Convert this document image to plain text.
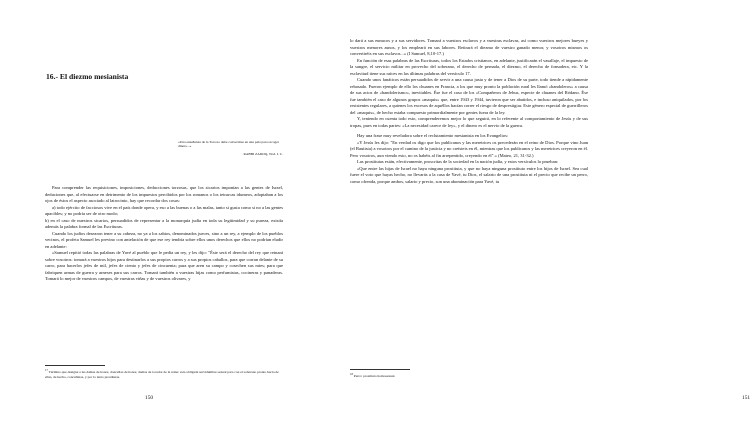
16.- El diezmo mesianista
«Una enseñanza de la Tora no debe convertirse en una pala para recoger dinero...»
RABBI ZADOQ, Nod. I. C.

Para comprender las requisiciones, imposiciones, deducciones torzosas, que los sicarios imponían a las gentes de Israel, deduciones que, al efectuarse en detrimento de los impuestos percibidos por los romanos o los tetrarcas idumeos, adoptaban a los ojos de éstos el aspecto asociado al latrocinio, hay que recordar dos cosas:

a) todo ejército de facciosos vive en el país donde opera, y eso a las buenas o a las malas, tanto si gusta como si no a las gentes apacibles; y no podría ser de otro modo;

b) en el caso de nuestros sicarios, persuadidos de representar a la monarquía judía en toda su legitimidad y su pureza, existía además la palabra formal de las Escrituras.

Cuando los judíos desearon tener a su cabeza, no ya a los sabios, denominados jueces, sino a un rey, a ejemplo de los pueblos vecinos, el profeta Samuel les previno con antelación de que ese rey tendría sobre ellos unos derechos que ellos no podrían eludir en adelante:

«Samuel repitió todas las palabras de Yavé al pueblo que le pedía un rey, y les dijo: "Éste será el derecho del rey que reinará sobre vosotros: tomará a vuestros hijos para destinarlos a sus propios carros y a sus propios caballos, para que corran delante de su carro, para hacerlos jefes de mil, jefes de ciento y jefes de cincuenta; para que aren su campo y cosechen sus mies; para que fabriquen armas de guerra y arneses para sus carros. Tomará también a vuestras hijas como perfumistas, cocineras y panaderas. Tomará lo mejor de vuestros campos, de vuestras viñas y de vuestros olivares, y

$^{17}$ Término que designa a las damas de honor, doncellas de honor, damas de tocador de la reina: esta obligada servidumbre sexual para con el soberano pronto hacía de ellas, de hecho, concubinas, y por lo tanto prostitutas.
150

lo dará a sus eunucos y a sus servidores. Tomará a vuestros esclavos y a vuestras esclavas, así como vuestros mejores bueyes y vuestros menores asnos, y los empleará en sus labores. Retirará el diezmo de vuestro ganado menor, y vosotros mismos os convertiréis en sus esclavos...» (I Samuel, 8,10-17.)

En función de esas palabras de las Escrituras, todos los Estados cristianos, en adelante, justificarán el vasallaje, el impuesto de la sangre, el servicio militar en provecho del soberano, el derecho de pernada, el diezmo, el derecho de fonsadera, etc. Y la esclavitud tiene sus raíces en las últimas palabras del versículo 17.

Cuando unos fanáticos están persuadidos de servir a una causa justa y de tener a Dios de su parte, todo tiende a rápidamente rebasado. Fueron ejemplo de ello los chuanes en Francia, a los que muy pronto la población rural les llamó «bandoleros» a causa de sus actos de «bandolerismo», inevitables. Ése fue el caso de los «Compañeros de Jehus, especie de chuanes del Ródano. Ése fue también el caso de algunos grupos «maquis» que, entre 1943 y 1944, tuvieron que ser abatidos, e incluso aniquilados, por los resistentes regulares, a quienes los excesos de aquéllos hacían correr el riesgo de desprestigiar. Este género especial de guerrilleros del «maquis», de hecho estaba compuesto primordialmente por gentes fuera de la ley.

Y, teniendo en cuenta todo esto, comprenderemos mejor lo que seguirá, en lo referente al comportamiento de Jesús y de sus tropas, pues en todas partes: «La necesidad carece de ley», y el dinero es el nervio de la guerra.

Hay una frase muy reveladora sobre el reclutamiento mesianista en los Evangelios:

«Y Jesús les dijo: "En verdad os digo que los publicanos y las meretrices os precederán en el reino de Dios. Porque vino Juan (el Bautista) a vosotros por el camino de la justicia y no creísteis en él, mientras que los publicanos y las meretrices creyeron en él. Pero vosotros, aun viendo esto, no os habéis al fin arrepentido, creyendo en él".» (Mateo, 21, 31-32.)

Las prostitutas están, efectivamente, proscritas de la sociedad en la nación judía, y estos versículos lo prueban:

«Que entre las hijas de Israel no haya ninguna prostituta, y que no haya ninguna prostituto entre los hijos de Israel. Sea cual fuere el voto que hayas hecho, no llevarás a la casa de Yavé, tu Dios, el salario de una prostituta ni el precio que recibe un perro, como ofrenda, porque ambos, salario y precio, son una abominación para Yavé, tu

$^{18}$ Perro: prostituto homosexual.
151
